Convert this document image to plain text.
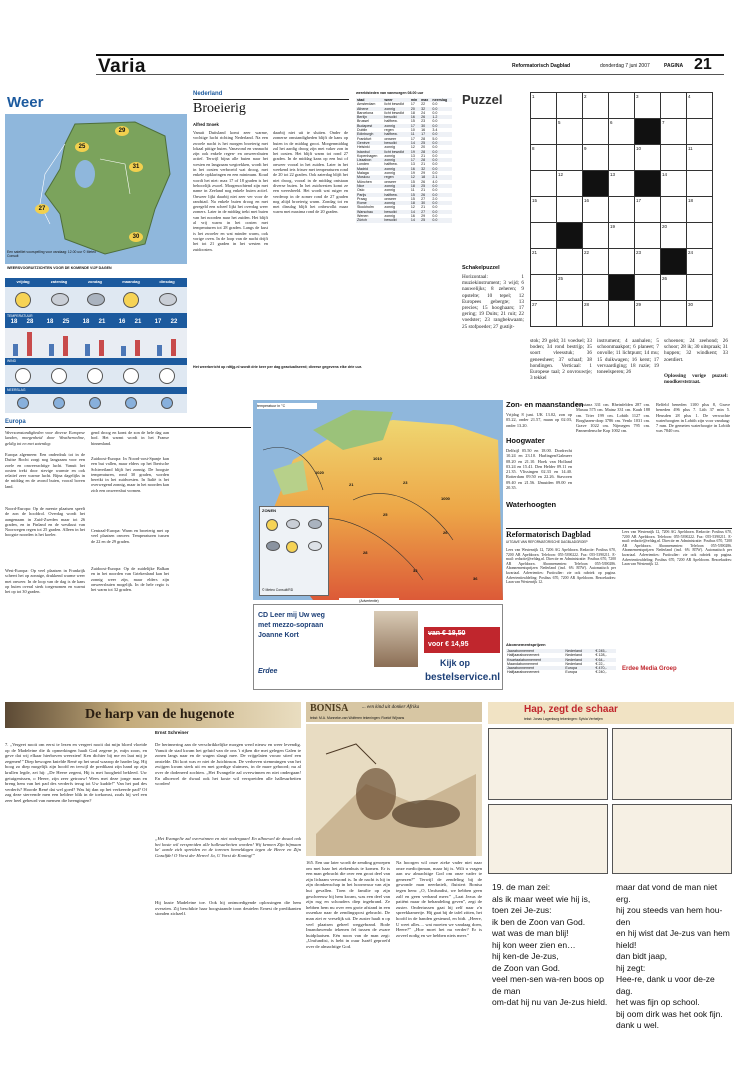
Varia	Reformatorisch Dagblad	donderdag 7 juni 2007	PAGINA 21
Weer
29
25
31
27
30
Een satelliet voorspelling voor vandaag: 12.00 uur © Meteo Consult
WEERSVOORUITZICHTEN VOOR DE KOMENDE VIJF DAGEN
vrijdag	zaterdag	zondag	maandag	dinsdag
TEMPERATUUR
18	28	18	25	18	21	16	21	17	22
WIND
NEERSLAG
Nederland
Broeierig
Alfred Snoek
Vanuit Duitsland komt zeer warme, vochtige lucht richting Nederland. Na een zwoele nacht is het morgen broeierig met lokaal pittige buien. Vanavond en vannacht zijn ook enkele regen- en onweersbuien actief. Terwijl bijna alle buien naar het westen en langzaam wegtrekken, wordt het in het oosten verbroeid wat droog, met enkele opklaringen en een minimum. Koud wordt het niet: max 17 of 18 graden is het behoorlijk zwoel. Morgenochtend zijn met name in Zeeland nog enkele buien actief. Onweer lijkt daarbij niet zeer ver voor de randstad. Na enkele buien droog en met geregeld een scheef lijkt het overdag weer zomers. Later in de middag trekt met buien van het noorden naar het zuiden. Het blijft al vrij warm in het oosten met temperaturen tot 28 graden. Langs de kust is het zwoeler en wat minder warm, ook vorige oven. In de loop van de nacht drijft het tot 21 graden in het westen en zuidoosten.
daarbij niet uit te sluiten. Onder de zomerse omstandigheden blijft de kans op buien in de middag groot. Morgenmiddag zal het aardig droog zijn met vaker zon in het oosten. Het blijft warm tot rond 27 graden. In de middag kans op een bui of onweer vooral in het zuiden. Later in het weekend iets frisser met temperaturen rond de 20 tot 22 graden. Ook zaterdag blijft het niet droog, vooral in de middag ontstaan diverse buien. In het zuidwesten komt ze een weersbeeld. Het wordt wat ruiger en verderop in de zomer rond de 27 graden nog altijd broeierig warm. Zondag tot en met dinsdag blijft het onbewolkt maar warm met maxima rond de 20 graden.
wereldsteden van vanmorgen 08.00 uur
stad	weer	min	max	neerslag
Amsterdam	licht bewolkt	17	22	0.0
Athene	zonnig	20	32	0.0
Barcelona	licht bewolkt	18	24	0.0
Berlijn	bewolkt	16	26	1.2
Brussel	halfbew.	15	23	0.0
Budapest	zonnig	17	30	0.0
Dublin	regen	10	16	3.4
Edinburgh	halfbew.	11	17	0.0
Frankfurt	onweer	17	28	5.0
Genève	bewolkt	14	25	0.0
Helsinki	zonnig	12	20	0.0
Istanbul	licht bewolkt	19	28	0.0
Kopenhagen	zonnig	13	21	0.0
Lissabon	zonnig	17	28	0.0
Londen	halfbew.	13	21	0.0
Madrid	zonnig	16	32	0.0
Malaga	zonnig	19	29	0.0
Moskou	regen	12	18	2.1
München	onweer	15	26	4.0
Nice	zonnig	18	25	0.0
Oslo	zonnig	11	21	0.0
Parijs	halfbew.	15	26	0.0
Praag	onweer	15	27	2.0
Rome	zonnig	18	30	0.0
Stockholm	zonnig	12	21	0.0
Warschau	bewolkt	14	27	0.0
Wenen	zonnig	16	29	0.0
Zürich	bewolkt	14	25	0.0
Het weerbericht op rdtijg.nl wordt drie keer per dag geactualiseerd; diverse gegevens elke drie uur.
Puzzel	1		2		3		4
	5		6		7	
8		9		10		11
	12		13		14	
15		16		17		18
			19		20	
21		22		23		24
	25				26	
27		28		29		30
Schakelpuzzel
Horizontaal: 1 muziekinstrument; 3 wijd; 6 nauwelijks; 8 zeheren; 9 opstelte; 10 tepel; 12 Europees gebergte; 13 precies; 15 hooghaars; 17 gering; 19 Duits; 21 ruit; 22 voedster; 23 rangbekwaam; 25 stofpoeder; 27 gustijt-
stok; 29 geld; 31 voedsel; 33 boden; 34 rond bestrijp; 35 soort vleesstuk; 36 geneesheer; 37 schaaf; 38 hondingen. Verticaal: 1 Europese taal; 2 onvrouwtje; 3 tekkel
instrument; 4 aanhalen; 5 schoonmaakpot; 6 planeet; 7 onvolle; 11 lichtpunt; 14 mu; 15 duikwagen; 16 kerst; 17 vervaardiging; 18 ruzie; 19 toneelsperen; 26
schoenen; 24 zeehond; 26 schoor; 28 ik; 30 uitspraak; 31 huppen; 32 windkent; 33 zoetdiert.
Oplossing vorige puzzel: noodkerststraat.
Europa
Weersomstandigheden voor diverse Europese landen, morgenheid door Weatheronline, geldig tot en met zaterdag:
Europa algemeen: Een onderdruk tot in de Duitse Bocht zorgt nog langzaam voor een zoele en onweerachtige lucht. Vanuit het oosten trekt door stevige warmte en ook relatief zeer warme lucht. Bijna dagelijks in de middag en de avond buien, vooral boven land.
Noord-Europa: Op de meeste plaatsen speelt de zon de hoofdrol. Overdag wordt het aangenaam in Zuid-Zweden maar tot 26 graden, en in Finland en de westkust van Noorwegen regen tot 25 graden. Alleen in het hoogste noorden is het koeler.
West-Europa: Op veel plaatsen in Frankrijk scheert het op zonnige, drukkend warme weer met onweer. In de loop van de dag is de kans op buien overal sterk toegenomen en warmt het op tot 30 graden.
gend droog en komt de zon de hele dag aan bod. Het warmt wordt in het Franse binnenland.
Zuidoost-Europa: In Noord-oost-Spanje kan een bui vallen, maar elders op het Iberische Schiereiland blijft het zonnig. De hoogste temperaturen, rond 30 graden, worden bereikt in het zuidwesten. In Italië is het overwegend zonnig, maar in het noorden kan zich een onweersbui vormen.
Centraal-Europa: Warm en broeierig met op veel plaatsen onweer. Temperaturen tussen de 22 en de 29 graden.
Zuidoost-Europa: Op de zuidelijke Balkan en in het noorden van Griekenland kan het zonnig weer zijn, maar elders zijn onweersbuien mogelijk. In de hele regio is het warm tot 32 graden.
temperatuur in °C
1020
1010
1000
21	23
25
28
26
33
36
ZONEN
© Meteo Consult/RD
Zon- en maanstanden
Vrijdag 8 juni. UK 13.02, zon op 05.22, onder 21.57, maan op 02.03, onder 13.20.
Hoogwater
Delfzijl 05.50 en 18.00. Dordrecht 10.24 en 23.10. Harlingen/Galmeer 08.20 en 21.10. Hoek van Holland 03.24 en 15.41. Den Helder 09.11 en 21.35. Vlissingen 02.33 en 14.40. Rotterdam 09.50 en 22.26. Stavoren 09.40 en 21.56. IJmuiden 09.00 en 20.35.
Waterhoogten
Konstanz 331 cm. Rheinfelden 287 cm. Maxau 575 cm. Mainz 331 cm. Kaub 188 cm. Trier 199 cm. Lobith 1127 cm. Borgharen-dorp 3786 cm. Venlo 1031 cm. Grave 1022 cm. Nijmegen 795 cm. Pannerdensche Kop 1002 cm.
Belfeld beneden 1100 plus 8, Grave beneden 496 plus 7. Lith 37 min 5. Heusden 28 plus 1. De verwachte waterhoogten in Lobith zijn voor vandaag: 7 mm. De gemeten waterhoogte in Lobith was 7840 cm.
Reformatorisch Dagblad
UITGAVE VAN REFORMATORISCHE DAGBLADGROEP
Lees van Westenrijk 12, 7206 AG Apeldoorn. Redactie: Postbus 670, 7200 AR Apeldoorn. Telefoon: 055-5390222. Fax: 055-5390211. E-mail: redactie@refdag.nl. Directie en Administratie: Postbus 670, 7200 AR Apeldoorn. Abonnementen: Telefoon 055-5390286. Abonnementsprijzen Nederland (incl. 6% BTW). Automatisch per kwartaal. Advertenties: Particulier: zie ook rubriek op pagina. Advertentieafdeling: Postbus 670, 7200 AR Apeldoorn. Bezoekadres: Laan van Westenrijk 12.
Abonnementsprijzen
Jaarabonnement	Nederland	€ 245,-
Halfjaarabonnement	Nederland	€ 128,-
Kwartaalabonnement	Nederland	€ 64,-
Maandabonnement	Nederland	€ 22,-
Jaarabonnement	Europa	€ 470,-
Halfjaarabonnement	Europa	€ 240,-
Lees van Westenrijk 12, 7206 AG Apeldoorn. Redactie: Postbus 670, 7200 AR Apeldoorn. Telefoon: 055-5390222. Fax: 055-5390211. E-mail: redactie@refdag.nl. Directie en Administratie: Postbus 670, 7200 AR Apeldoorn. Abonnementen: Telefoon 055-5390286. Abonnementsprijzen Nederland (incl. 6% BTW). Automatisch per kwartaal. Advertenties: Particulier: zie ook rubriek op pagina. Advertentieafdeling: Postbus 670, 7200 AR Apeldoorn. Bezoekadres: Laan van Westenrijk 12.
Erdee Media Groep
(Advertentie)
CD Leer mij Uw weg
met mezzo-sopraan
Joanne Kort	van € 18,50
voor € 14,95
Erdee
Kijk op
bestelservice.nl
De harp van de hugenote
Ernst Schreiner
7. „Vergeet nooit om eerst te lezen en vergeet nooit dat mijn bloed vloeide op de Madeleine die ik opmerkingen haalt God zegene je, mijn zoon, en geve dat wij elkaar hierboven weerzien! Ken dichter bij me en laat mij je zegenen!” Diep bewogen knielde René op het smal waarop de harder lag. Hij boog zo diep mogelijk zijn hoofd en terwijl de predikant zijn hand op zijn krullen legde, zei hij: „De Heere zegent, Hij is met hoogheid bekleed. Uw getuigenissen, o Heere, zijn zeer getrouw! Wees met deze jonge man en breng hem van het pad des verderfs terug tot Uw kudde!” Van het pad des verderfs? Hoorde René dat wel goed? Was hij dan op het verkeerde pad? Of zag deze stervende men een heldere blik in de toekomst, zoals hij wel een zeer heel gebeurd van mensen die heengingen?
De herinnering aan de verschrikkelijke morgen werd nieuw en weer levendig. Vanuit de stad kwam het geluid van de ons 't rijken die met gelegen Galen te zonen langs naar en de wagen slaagt mee. De vrijgelaten vrouw stierf een onstelde. Dit kort was er niet de Jutchinson. De verheven stemmingen van het zwijgen kwam sterk uit en met goedige sluimers, in de mare gehoord; nu al over de dodeneed zochten. „Het Evangelie zal overwinnen en niet ondergaan! En alhoewel de dwaal ook het koste wil verspreiden alle hallesurbeiten worden!
„Het Evangelie zal overwinnen en niet ondergaan! En alhoewel de dwaal ook het koste wil verspreiden alle hallesurbeiten worden! Wij kennen Zijn bijmaan ke' aarde zich spreiden en de torenen hemeldagen tegen de Heere en Zijn Gezalfde! O Vorst der Heren! Ja, U Vorst de Koning!”
Hij kuste Madeleine toe. Ook hij ontmoedigende oplossingen die hem overzien. Zij beschikte haar hoogstaande toon deutelen Ernest de predikanten stonden zichzelf.
BONISA	... een kind uit donker Afrika
tekst: M.A. Munneke-van Wolferen tekeningen: Roelof Wijnans
165. Een uur later wordt de zending geroepen om met haar het ziekenhuis te komen. Er is een man gebracht die over een groot deel van zijn lichaam verwond is. In de nacht is hij in zijn dronkenschap in het hoornvuur van zijn hut gevallen. Toen de familie op zijn geschreeuw bij hem kwam, was een deel van zijn rug en schouders diep ingebrand. Ze hebben hem nu over een grote afstand in een ossenkar naar de zendingspost gebracht. De man ziet er vreselijk uit. De zuster haalt n op veel plaatsen geheel weggebrand. Bode Imanduwendo iekenen fel tussen de zware huidplaatsen. Eén noon van de man zegt: „Umfundisi, is hebt in ouur Israël geproefd over de almachtige God.
Na hoorgen wil onze zieke vader niet naar onze medicijnman, maar hij is. Wilt u vragen aan uw almachtige God om onze vader te genezen?” Terwijl de zendeling bij de gewonde man neerknielt, fluistert Bonisa tegen hem: „O, Umfundisi, we hebben geen zalf en geen verband meer.” „Laat Jezus de patiënt maar de behandeling geven”, zegt de zuster. Ondertussen gaat hij zelf naar z'n spreekkamertje. Hij gaat bij de tafel zitten, het hoofd in de handen gesteund, en bidt. „Heere, U weet alles.... wat moeten we vandaag doen, Heere?” „Hoe moet het nu verder? Er is zoveel nodig en we hebben niets meer.”
Hap, zegt de schaar
tekst: Jonas Lagenburg tekeningen: Sylvia Verheijen
19. de man zei:
als ik maar weet wie hij is,
toen zei Je-zus:
ik ben de Zoon van God.
wat was de man blij!
hij kon weer zien en…
hij ken-de Je-zus,
de Zoon van God.
veel men-sen wa-ren boos op de man
om-dat hij nu van Je-zus hield.
maar dat vond de man niet erg.
hij zou steeds van hem hou-den
en hij wist dat Je-zus van hem hield!
dan bidt jaap,
hij zegt:
Hee-re, dank u voor de-ze dag.
het was fijn op school.
bij oom dirk was het ook fijn.
dank u wel.
